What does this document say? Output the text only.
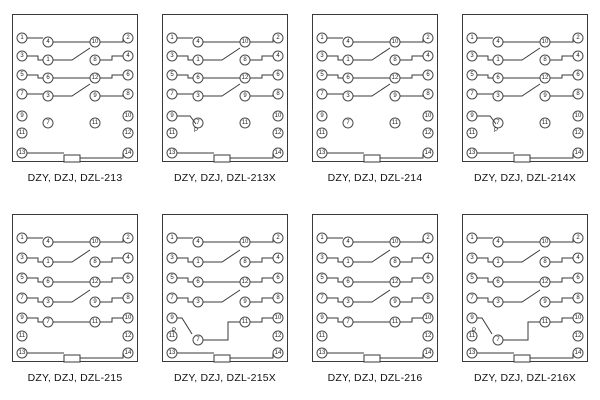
1
3
5
7
9
11
13
2
4
6
8
10
12
14
4
1
6
3
7
10
8
12
9
11
DZY, DZJ, DZL-213
1
3
5
7
9
11
13
2
4
6
8
10
12
14
4
1
6
3
7
10
8
12
9
11
P
DZY, DZJ, DZL-213X
1
3
5
7
9
11
13
2
4
6
8
10
12
14
4
1
6
3
7
10
8
12
9
11
DZY, DZJ, DZL-214
1
3
5
7
9
11
13
2
4
6
8
10
12
14
4
1
6
3
7
10
8
12
9
11
P
DZY, DZJ, DZL-214X
1
3
5
7
9
11
13
2
4
6
8
10
12
14
4
1
6
3
7
10
8
12
9
11
DZY, DZJ, DZL-215
1
3
5
7
9
11
13
2
4
6
8
10
12
14
4
1
6
3
7
10
8
12
9
11
P
DZY, DZJ, DZL-215X
1
3
5
7
9
11
13
2
4
6
8
10
12
14
4
1
6
3
7
10
8
12
9
11
DZY, DZJ, DZL-216
1
3
5
7
9
11
13
2
4
6
8
10
12
14
4
1
6
3
7
10
8
12
9
11
P
DZY, DZJ, DZL-216X
